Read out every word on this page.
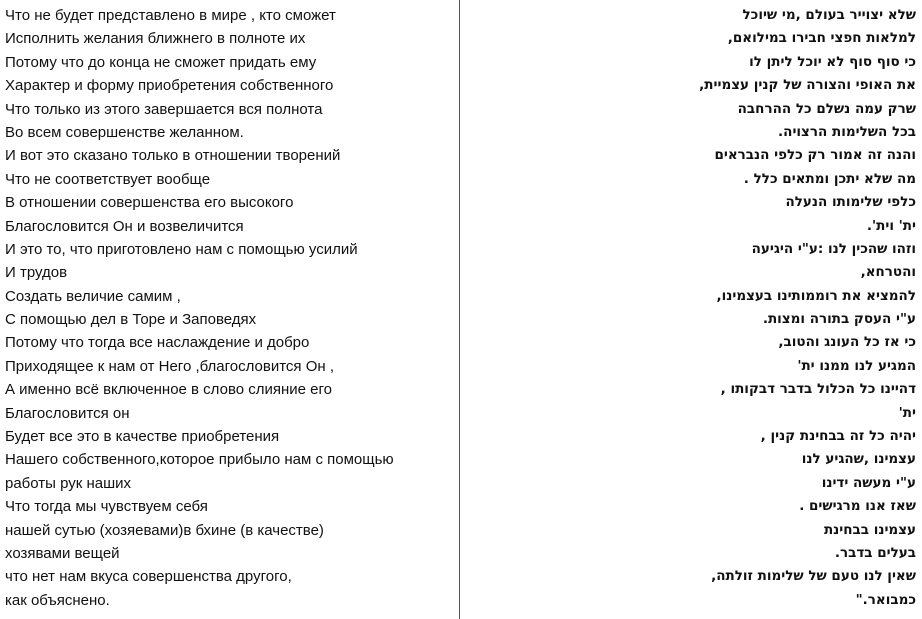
Что не будет представлено в мире , кто сможет
Исполнить желания ближнего в полноте их
Потому что до конца не сможет придать ему
Характер и форму приобретения собственного
Что только из этого завершается вся полнота
Во всем совершенстве желанном.
И вот это сказано только в отношении творений
Что не соответствует вообще
В отношении совершенства его высокого
Благословится Он и возвеличится
И это то, что приготовлено нам с помощью усилий
И трудов
Создать величие самим ,
С помощью дел в Торе и Заповедях
Потому что тогда все наслаждение и добро
Приходящее к нам от Него ,благословится Он ,
А именно всё включенное в слово слияние его
Благословится он
Будет все это в качестве приобретения
Нашего собственного,которое прибыло нам с помощью
работы рук наших
Что тогда мы чувствуем себя
нашей сутью (хозяевами)в бхине (в качестве)
хозявами вещей
что нет нам вкуса совершенства другого,
как объяснено.
שלא יצוייר בעולם ,מי שיוכל
למלאות חפצי חבירו במילואם,
כי סוף סוף לא יוכל ליתן לו
את האופי והצורה של קנין עצמיית,
שרק עמה נשלם כל ההרחבה
בכל השלימות הרצויה.
והנה זה אמור רק כלפי הנבראים
מה שלא יתכן ומתאים כלל .
כלפי שלימותו הנעלה
ית' וית'.
וזהו שהכין לנו :ע"י היגיעה
והטרחא,
להמציא את רוממותינו בעצמינו,
ע"י העסק בתורה ומצות.
כי אז כל העונג והטוב,
המגיע לנו ממנו ית'
דהיינו כל הכלול בדבר דבקותו ,
ית'
יהיה כל זה בבחינת קנין ,
עצמינו ,שהגיע לנו
ע"י מעשה ידינו
שאז אנו מרגישים .
עצמינו בבחינת
בעלים בדבר.
שאין לנו טעם של שלימות זולתה,
כמבואר."
